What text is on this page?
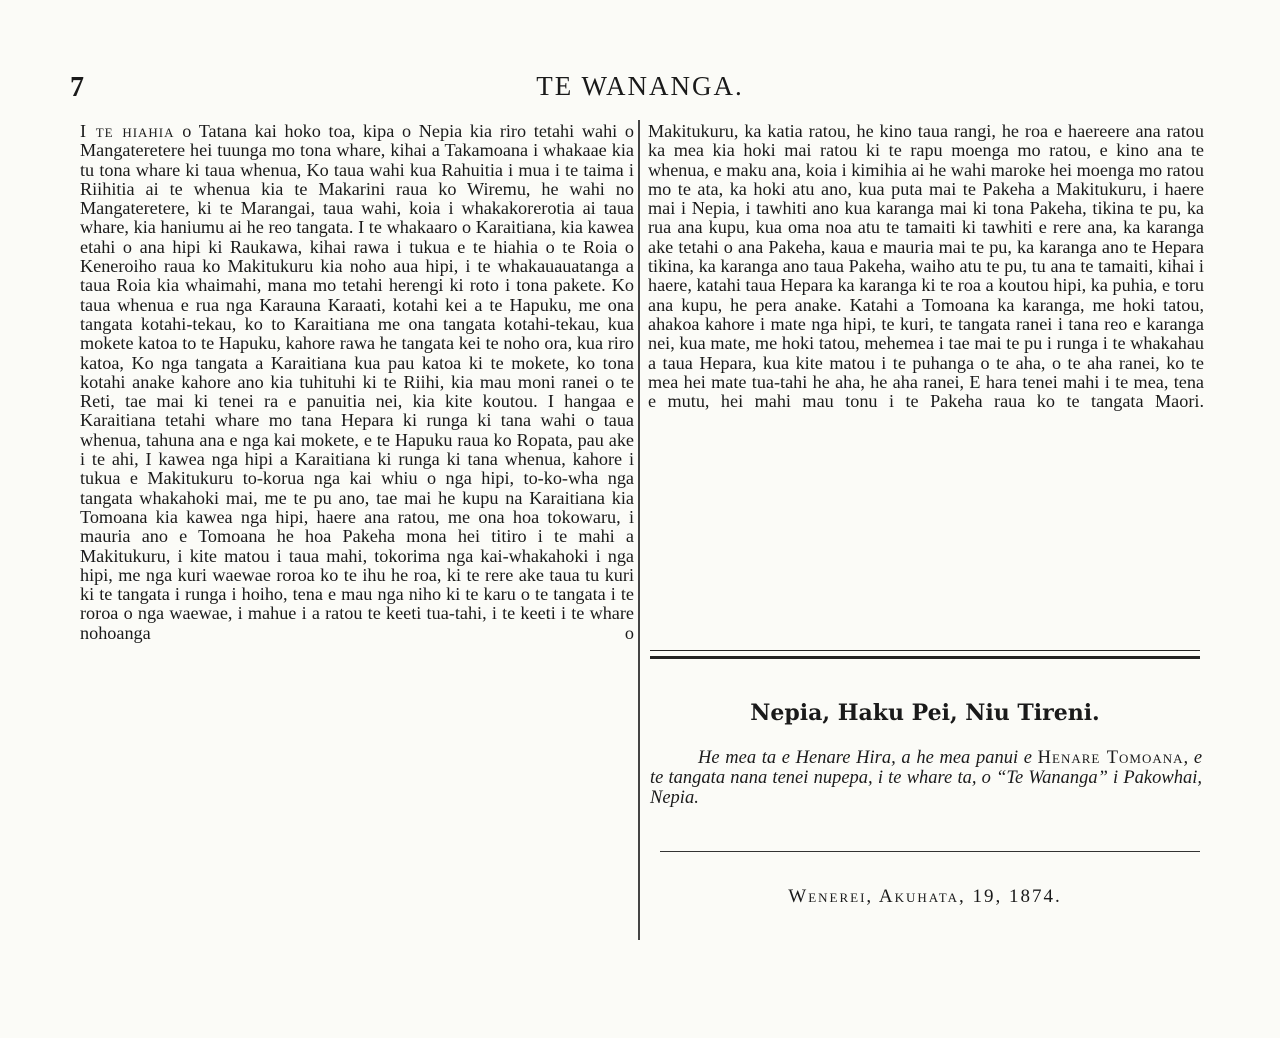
7	TE WANANGA.

I te hiahia o Tatana kai hoko toa, kipa o Nepia kia riro tetahi wahi o Mangateretere hei tuunga mo tona whare, kihai a Takamoana i whakaae kia tu tona whare ki taua whenua, Ko taua wahi kua Rahuitia i mua i te taima i Riihitia ai te whenua kia te Makarini raua ko Wiremu, he wahi no Mangateretere, ki te Marangai, taua wahi, koia i whakakorerotia ai taua whare, kia haniumu ai he reo tangata. I te whakaaro o Karaitiana, kia kawea etahi o ana hipi ki Raukawa, kihai rawa i tukua e te hiahia o te Roia o Keneroiho raua ko Makitukuru kia noho aua hipi, i te whakauauatanga a taua Roia kia whaimahi, mana mo tetahi herengi ki roto i tona pakete. Ko taua whenua e rua nga Karauna Karaati, kotahi kei a te Hapuku, me ona tangata kotahi-tekau, ko to Karaitiana me ona tangata kotahi-tekau, kua mokete katoa to te Hapuku, kahore rawa he tangata kei te noho ora, kua riro katoa, Ko nga tangata a Karaitiana kua pau katoa ki te mokete, ko tona kotahi anake kahore ano kia tuhituhi ki te Riihi, kia mau moni ranei o te Reti, tae mai ki tenei ra e panuitia nei, kia kite koutou. I hangaa e Karaitiana tetahi whare mo tana Hepara ki runga ki tana wahi o taua whenua, tahuna ana e nga kai mokete, e te Hapuku raua ko Ropata, pau ake i te ahi, I kawea nga hipi a Karaitiana ki runga ki tana whenua, kahore i tukua e Makitukuru to-korua nga kai whiu o nga hipi, to-ko-wha nga tangata whakahoki mai, me te pu ano, tae mai he kupu na Karaitiana kia Tomoana kia kawea nga hipi, haere ana ratou, me ona hoa tokowaru, i mauria ano e Tomoana he hoa Pakeha mona hei titiro i te mahi a Makitukuru, i kite matou i taua mahi, tokorima nga kai-whakahoki i nga hipi, me nga kuri waewae roroa ko te ihu he roa, ki te rere ake taua tu kuri ki te tangata i runga i hoiho, tena e mau nga niho ki te karu o te tangata i te roroa o nga waewae, i mahue i a ratou te keeti tua-tahi, i te keeti i te whare nohoanga o

Makitukuru, ka katia ratou, he kino taua rangi, he roa e haereere ana ratou ka mea kia hoki mai ratou ki te rapu moenga mo ratou, e kino ana te whenua, e maku ana, koia i kimihia ai he wahi maroke hei moenga mo ratou mo te ata, ka hoki atu ano, kua puta mai te Pakeha a Makitukuru, i haere mai i Nepia, i tawhiti ano kua karanga mai ki tona Pakeha, tikina te pu, ka rua ana kupu, kua oma noa atu te tamaiti ki tawhiti e rere ana, ka karanga ake tetahi o ana Pakeha, kaua e mauria mai te pu, ka karanga ano te Hepara tikina, ka karanga ano taua Pakeha, waiho atu te pu, tu ana te tamaiti, kihai i haere, katahi taua Hepara ka karanga ki te roa a koutou hipi, ka puhia, e toru ana kupu, he pera anake. Katahi a Tomoana ka karanga, me hoki tatou, ahakoa kahore i mate nga hipi, te kuri, te tangata ranei i tana reo e karanga nei, kua mate, me hoki tatou, mehemea i tae mai te pu i runga i te whakahau a taua Hepara, kua kite matou i te puhanga o te aha, o te aha ranei, ko te mea hei mate tua-tahi he aha, he aha ranei, E hara tenei mahi i te mea, tena e mutu, hei mahi mau tonu i te Pakeha raua ko te tangata Maori.

Nepia, Haku Pei, Niu Tireni.
He mea ta e Henare Hira, a he mea panui e Henare Tomoana, e te tangata nana tenei nupepa, i te whare ta, o “Te Wananga” i Pakowhai, Nepia.
Wenerei, Akuhata, 19, 1874.
